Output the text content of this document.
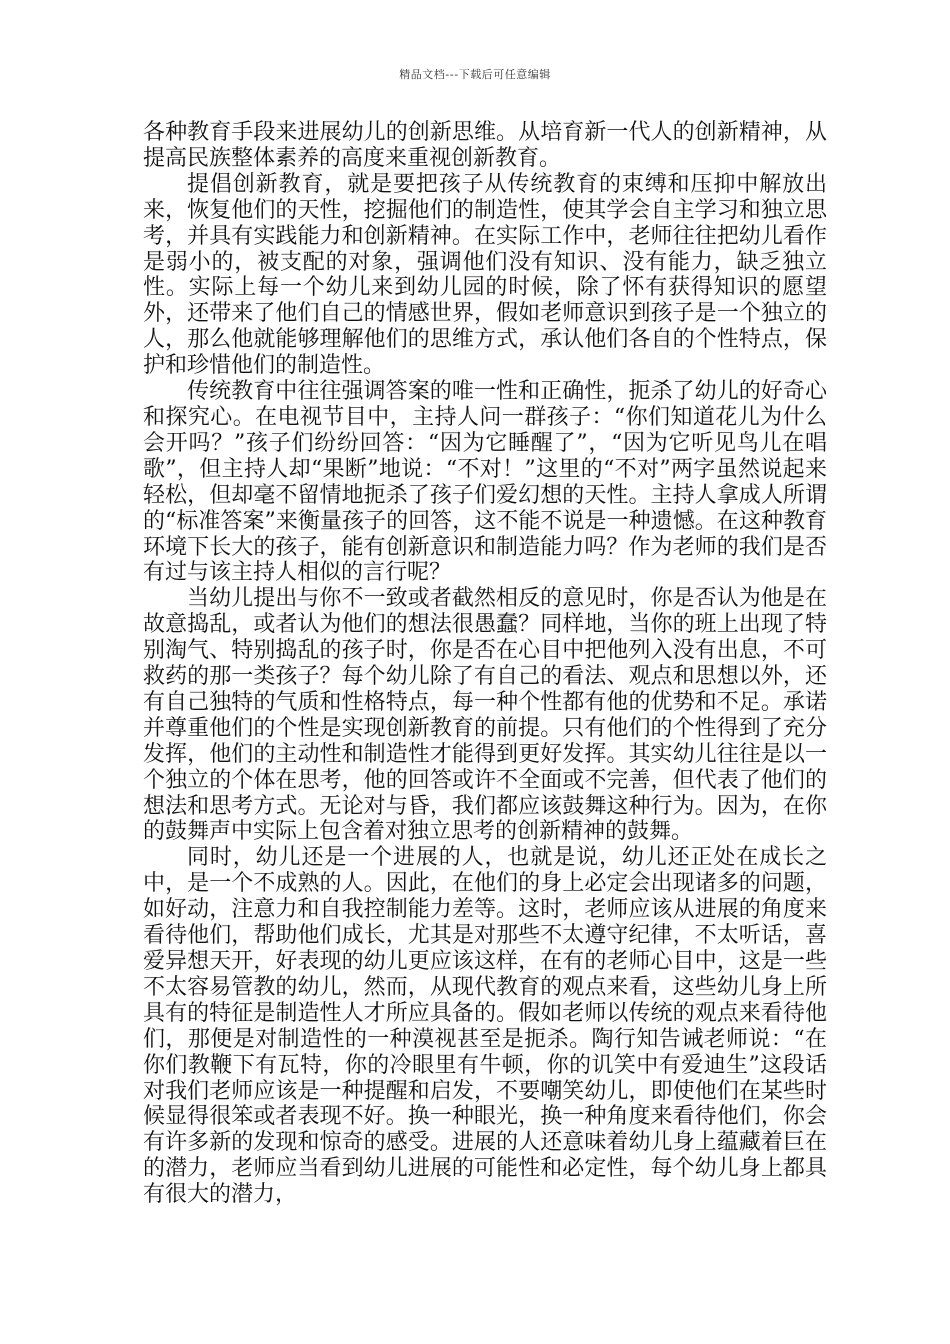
精品文档---下载后可任意编辑

各种教育手段来进展幼儿的创新思维。从培育新一代人的创新精神，从提高民族整体素养的高度来重视创新教育。

提倡创新教育，就是要把孩子从传统教育的束缚和压抑中解放出来，恢复他们的天性，挖掘他们的制造性，使其学会自主学习和独立思考，并具有实践能力和创新精神。在实际工作中，老师往往把幼儿看作是弱小的，被支配的对象，强调他们没有知识、没有能力，缺乏独立性。实际上每一个幼儿来到幼儿园的时候，除了怀有获得知识的愿望外，还带来了他们自己的情感世界，假如老师意识到孩子是一个独立的人，那么他就能够理解他们的思维方式，承认他们各自的个性特点，保护和珍惜他们的制造性。

传统教育中往往强调答案的唯一性和正确性，扼杀了幼儿的好奇心和探究心。在电视节目中，主持人问一群孩子：“你们知道花儿为什么会开吗？”孩子们纷纷回答：“因为它睡醒了”，“因为它听见鸟儿在唱歌”，但主持人却“果断”地说：“不对！”这里的“不对”两字虽然说起来轻松，但却毫不留情地扼杀了孩子们爱幻想的天性。主持人拿成人所谓的“标准答案”来衡量孩子的回答，这不能不说是一种遗憾。在这种教育环境下长大的孩子，能有创新意识和制造能力吗？作为老师的我们是否有过与该主持人相似的言行呢？

当幼儿提出与你不一致或者截然相反的意见时，你是否认为他是在故意捣乱，或者认为他们的想法很愚蠢？同样地，当你的班上出现了特别淘气、特别捣乱的孩子时，你是否在心目中把他列入没有出息，不可救药的那一类孩子？每个幼儿除了有自己的看法、观点和思想以外，还有自己独特的气质和性格特点，每一种个性都有他的优势和不足。承诺并尊重他们的个性是实现创新教育的前提。只有他们的个性得到了充分发挥，他们的主动性和制造性才能得到更好发挥。其实幼儿往往是以一个独立的个体在思考，他的回答或许不全面或不完善，但代表了他们的想法和思考方式。无论对与昏，我们都应该鼓舞这种行为。因为，在你的鼓舞声中实际上包含着对独立思考的创新精神的鼓舞。

同时，幼儿还是一个进展的人，也就是说，幼儿还正处在成长之中，是一个不成熟的人。因此，在他们的身上必定会出现诸多的问题，如好动，注意力和自我控制能力差等。这时，老师应该从进展的角度来看待他们，帮助他们成长，尤其是对那些不太遵守纪律，不太听话，喜爱异想天开，好表现的幼儿更应该这样，在有的老师心目中，这是一些不太容易管教的幼儿，然而，从现代教育的观点来看，这些幼儿身上所具有的特征是制造性人才所应具备的。假如老师以传统的观点来看待他们，那便是对制造性的一种漠视甚至是扼杀。陶行知告诫老师说：“在你们教鞭下有瓦特，你的冷眼里有牛顿，你的讥笑中有爱迪生”这段话对我们老师应该是一种提醒和启发，不要嘲笑幼儿，即使他们在某些时候显得很笨或者表现不好。换一种眼光，换一种角度来看待他们，你会有许多新的发现和惊奇的感受。进展的人还意味着幼儿身上蕴藏着巨在的潜力，老师应当看到幼儿进展的可能性和必定性，每个幼儿身上都具有很大的潜力，
